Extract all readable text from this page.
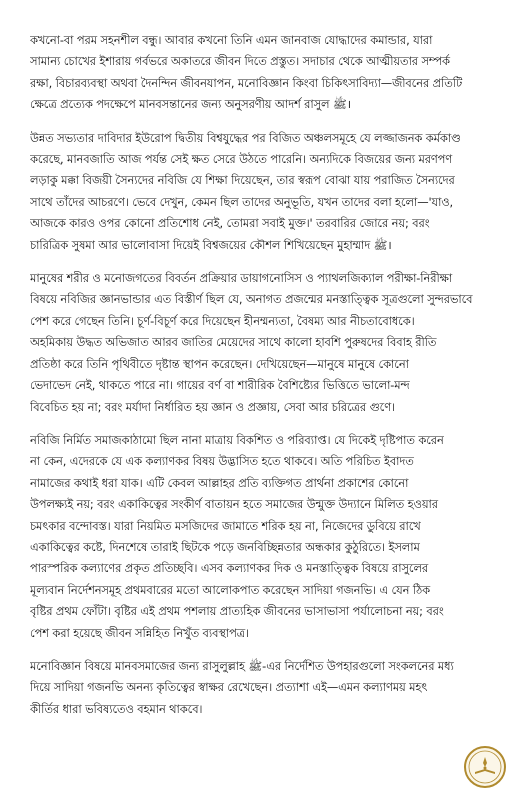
কখনো-বা পরম সহনশীল বন্ধু। আবার কখনো তিনি এমন জানবাজ যোদ্ধাদের কমান্ডার, যারা
সামান্য চোখের ইশারায় গর্বভরে অকাতরে জীবন দিতে প্রস্তুত। সদাচার থেকে আত্মীয়তার সম্পর্ক
রক্ষা, বিচারব্যবস্থা অথবা দৈনন্দিন জীবনযাপন, মনোবিজ্ঞান কিংবা চিকিৎসাবিদ্যা—জীবনের প্রতিটি
ক্ষেত্রে প্রত্যেক পদক্ষেপে মানবসন্তানের জন্য অনুসরণীয় আদর্শ রাসুল ﷺ।

উন্নত সভ্যতার দাবিদার ইউরোপ দ্বিতীয় বিশ্বযুদ্ধের পর বিজিত অঞ্চলসমূহে যে লজ্জাজনক কর্মকাণ্ড
করেছে, মানবজাতি আজ পর্যন্ত সেই ক্ষত সেরে উঠতে পারেনি। অন্যদিকে বিজয়ের জন্য মরণপণ
লড়াকু মক্কা বিজয়ী সৈন্যদের নবিজি যে শিক্ষা দিয়েছেন, তার স্বরূপ বোঝা যায় পরাজিত সৈন্যদের
সাথে তাঁদের আচরণে। ভেবে দেখুন, কেমন ছিল তাদের অনুভূতি, যখন তাদের বলা হলো—'যাও,
আজকে কারও ওপর কোনো প্রতিশোধ নেই, তোমরা সবাই মুক্ত।' তরবারির জোরে নয়; বরং
চারিত্রিক সুষমা আর ভালোবাসা দিয়েই বিশ্বজয়ের কৌশল শিখিয়েছেন মুহাম্মাদ ﷺ।

মানুষের শরীর ও মনোজগতের বিবর্তন প্রক্রিয়ার ডায়াগনোসিস ও প্যাথলজিক্যাল পরীক্ষা-নিরীক্ষা
বিষয়ে নবিজির জ্ঞানভান্ডার এত বিস্তীর্ণ ছিল যে, অনাগত প্রজন্মের মনস্তাত্ত্বিক সূত্রগুলো সুন্দরভাবে
পেশ করে গেছেন তিনি। চূর্ণ-বিচূর্ণ করে দিয়েছেন হীনম্মন্যতা, বৈষম্য আর নীচতাবোধকে।
অহমিকায় উদ্ধত অভিজাত আরব জাতির মেয়েদের সাথে কালো হাবশি পুরুষদের বিবাহ রীতি
প্রতিষ্ঠা করে তিনি পৃথিবীতে দৃষ্টান্ত স্থাপন করেছেন। দেখিয়েছেন—মানুষে মানুষে কোনো
ভেদাভেদ নেই, থাকতে পারে না। গায়ের বর্ণ বা শারীরিক বৈশিষ্ট্যের ভিত্তিতে ভালো-মন্দ
বিবেচিত হয় না; বরং মর্যাদা নির্ধারিত হয় জ্ঞান ও প্রজ্ঞায়, সেবা আর চরিত্রের গুণে।

নবিজি নির্মিত সমাজকাঠামো ছিল নানা মাত্রায় বিকশিত ও পরিব্যাপ্ত। যে দিকেই দৃষ্টিপাত করেন
না কেন, এদেরকে যে এক কল্যাণকর বিষয় উদ্ভাসিত হতে থাকবে। অতি পরিচিত ইবাদত
নামাজের কথাই ধরা যাক। এটি কেবল আল্লাহর প্রতি ব্যক্তিগত প্রার্থনা প্রকাশের কোনো
উপলক্ষ্যই নয়; বরং একাকিত্বের সংকীর্ণ বাতায়ন হতে সমাজের উন্মুক্ত উদ্যানে মিলিত হওয়ার
চমৎকার বন্দোবস্ত। যারা নিয়মিত মসজিদের জামাতে শরিক হয় না, নিজেদের ডুবিয়ে রাখে
একাকিত্বের কষ্টে, দিনশেষে তারাই ছিটকে পড়ে জনবিচ্ছিন্নতার অন্ধকার কুঠুরিতে। ইসলাম
পারস্পরিক কল্যাণের প্রকৃত প্রতিচ্ছবি। এসব কল্যাণকর দিক ও মনস্তাত্ত্বিক বিষয়ে রাসুলের
মূল্যবান নির্দেশনসমূহ প্রথমবারের মতো আলোকপাত করেছেন সাদিয়া গজনভি। এ যেন ঠিক
বৃষ্টির প্রথম ফোঁটা। বৃষ্টির এই প্রথম পশলায় প্রাত্যহিক জীবনের ভাসাভাসা পর্যালোচনা নয়; বরং
পেশ করা হয়েছে জীবন সন্নিহিত নিখুঁত ব্যবস্থাপত্র।

মনোবিজ্ঞান বিষয়ে মানবসমাজের জন্য রাসুলুল্লাহ ﷺ-এর নির্দেশিত উপহারগুলো সংকলনের মধ্য
দিয়ে সাদিয়া গজনভি অনন্য কৃতিত্বের স্বাক্ষর রেখেছেন। প্রত্যাশা এই—এমন কল্যাণময় মহৎ
কীর্তির ধারা ভবিষ্যতেও বহমান থাকবে।
